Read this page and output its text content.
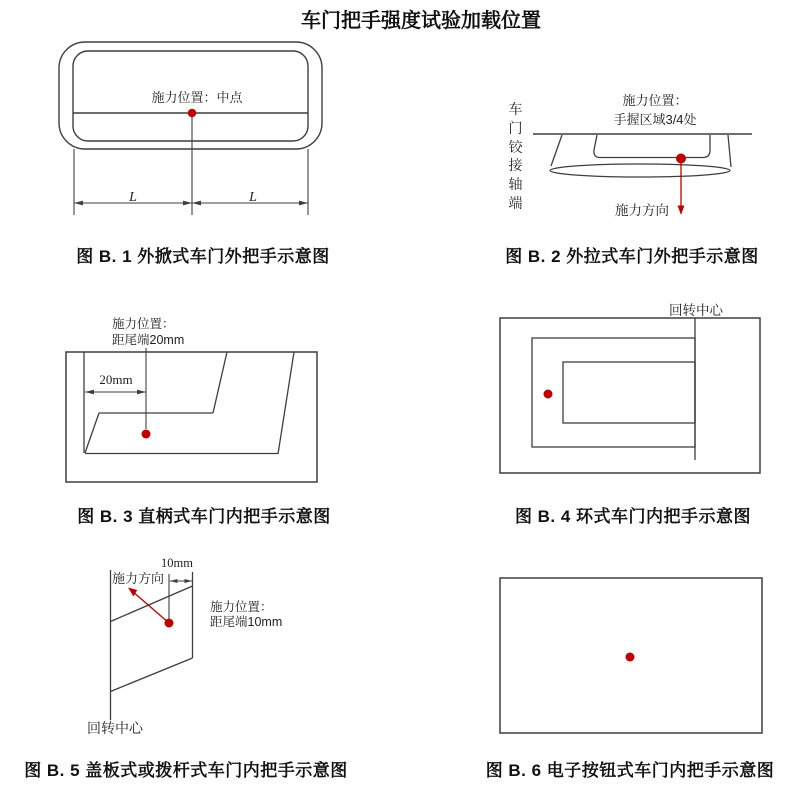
车门把手强度试验加载位置
施力位置：中点
L	L
图 B. 1 外掀式车门外把手示意图
车门铰接轴端
施力位置：
手握区域3/4处
施力方向
图 B. 2 外拉式车门外把手示意图
施力位置：
距尾端20mm
20mm
图 B. 3 直柄式车门内把手示意图
回转中心
图 B. 4 环式车门内把手示意图
10mm
施力方向
施力位置：
距尾端10mm
回转中心
图 B. 5 盖板式或拨杆式车门内把手示意图	图 B. 6 电子按钮式车门内把手示意图
